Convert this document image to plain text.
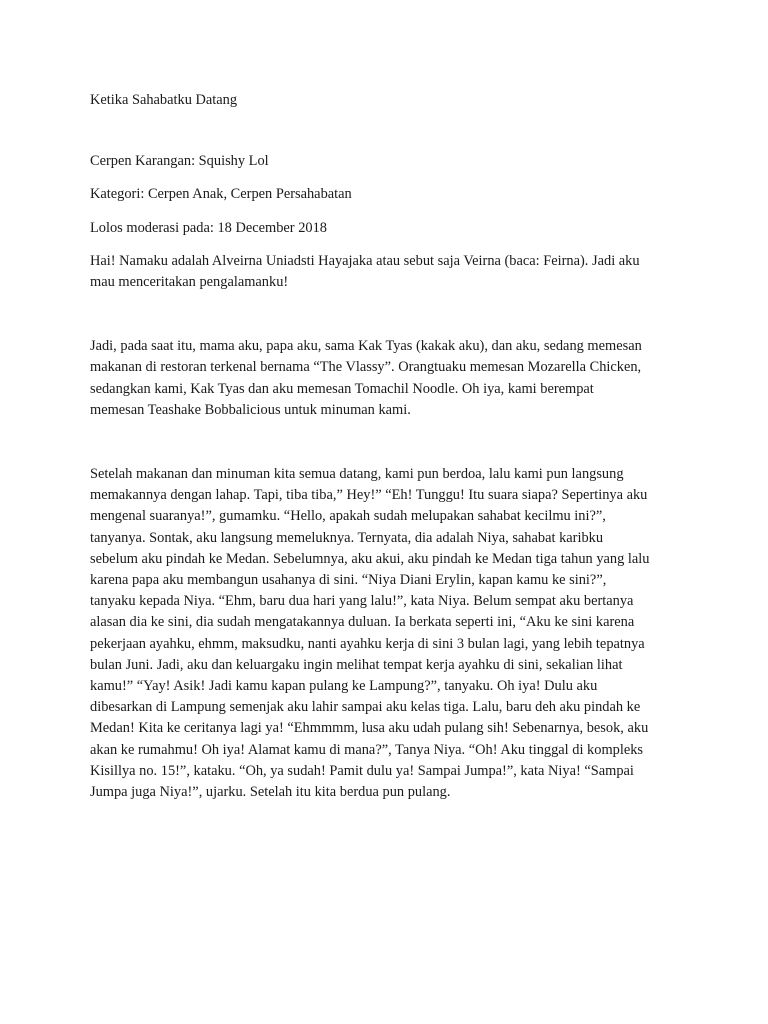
Ketika Sahabatku Datang
Cerpen Karangan: Squishy Lol
Kategori: Cerpen Anak, Cerpen Persahabatan
Lolos moderasi pada: 18 December 2018
Hai! Namaku adalah Alveirna Uniadsti Hayajaka atau sebut saja Veirna (baca: Feirna). Jadi aku
mau menceritakan pengalamanku!
Jadi, pada saat itu, mama aku, papa aku, sama Kak Tyas (kakak aku), dan aku, sedang memesan
makanan di restoran terkenal bernama “The Vlassy”. Orangtuaku memesan Mozarella Chicken,
sedangkan kami, Kak Tyas dan aku memesan Tomachil Noodle. Oh iya, kami berempat
memesan Teashake Bobbalicious untuk minuman kami.
Setelah makanan dan minuman kita semua datang, kami pun berdoa, lalu kami pun langsung
memakannya dengan lahap. Tapi, tiba tiba,” Hey!” “Eh! Tunggu! Itu suara siapa? Sepertinya aku
mengenal suaranya!”, gumamku. “Hello, apakah sudah melupakan sahabat kecilmu ini?”,
tanyanya. Sontak, aku langsung memeluknya. Ternyata, dia adalah Niya, sahabat karibku
sebelum aku pindah ke Medan. Sebelumnya, aku akui, aku pindah ke Medan tiga tahun yang lalu
karena papa aku membangun usahanya di sini. “Niya Diani Erylin, kapan kamu ke sini?”,
tanyaku kepada Niya. “Ehm, baru dua hari yang lalu!”, kata Niya. Belum sempat aku bertanya
alasan dia ke sini, dia sudah mengatakannya duluan. Ia berkata seperti ini, “Aku ke sini karena
pekerjaan ayahku, ehmm, maksudku, nanti ayahku kerja di sini 3 bulan lagi, yang lebih tepatnya
bulan Juni. Jadi, aku dan keluargaku ingin melihat tempat kerja ayahku di sini, sekalian lihat
kamu!” “Yay! Asik! Jadi kamu kapan pulang ke Lampung?”, tanyaku. Oh iya! Dulu aku
dibesarkan di Lampung semenjak aku lahir sampai aku kelas tiga. Lalu, baru deh aku pindah ke
Medan! Kita ke ceritanya lagi ya! “Ehmmmm, lusa aku udah pulang sih! Sebenarnya, besok, aku
akan ke rumahmu! Oh iya! Alamat kamu di mana?”, Tanya Niya. “Oh! Aku tinggal di kompleks
Kisillya no. 15!”, kataku. “Oh, ya sudah! Pamit dulu ya! Sampai Jumpa!”, kata Niya! “Sampai
Jumpa juga Niya!”, ujarku. Setelah itu kita berdua pun pulang.
